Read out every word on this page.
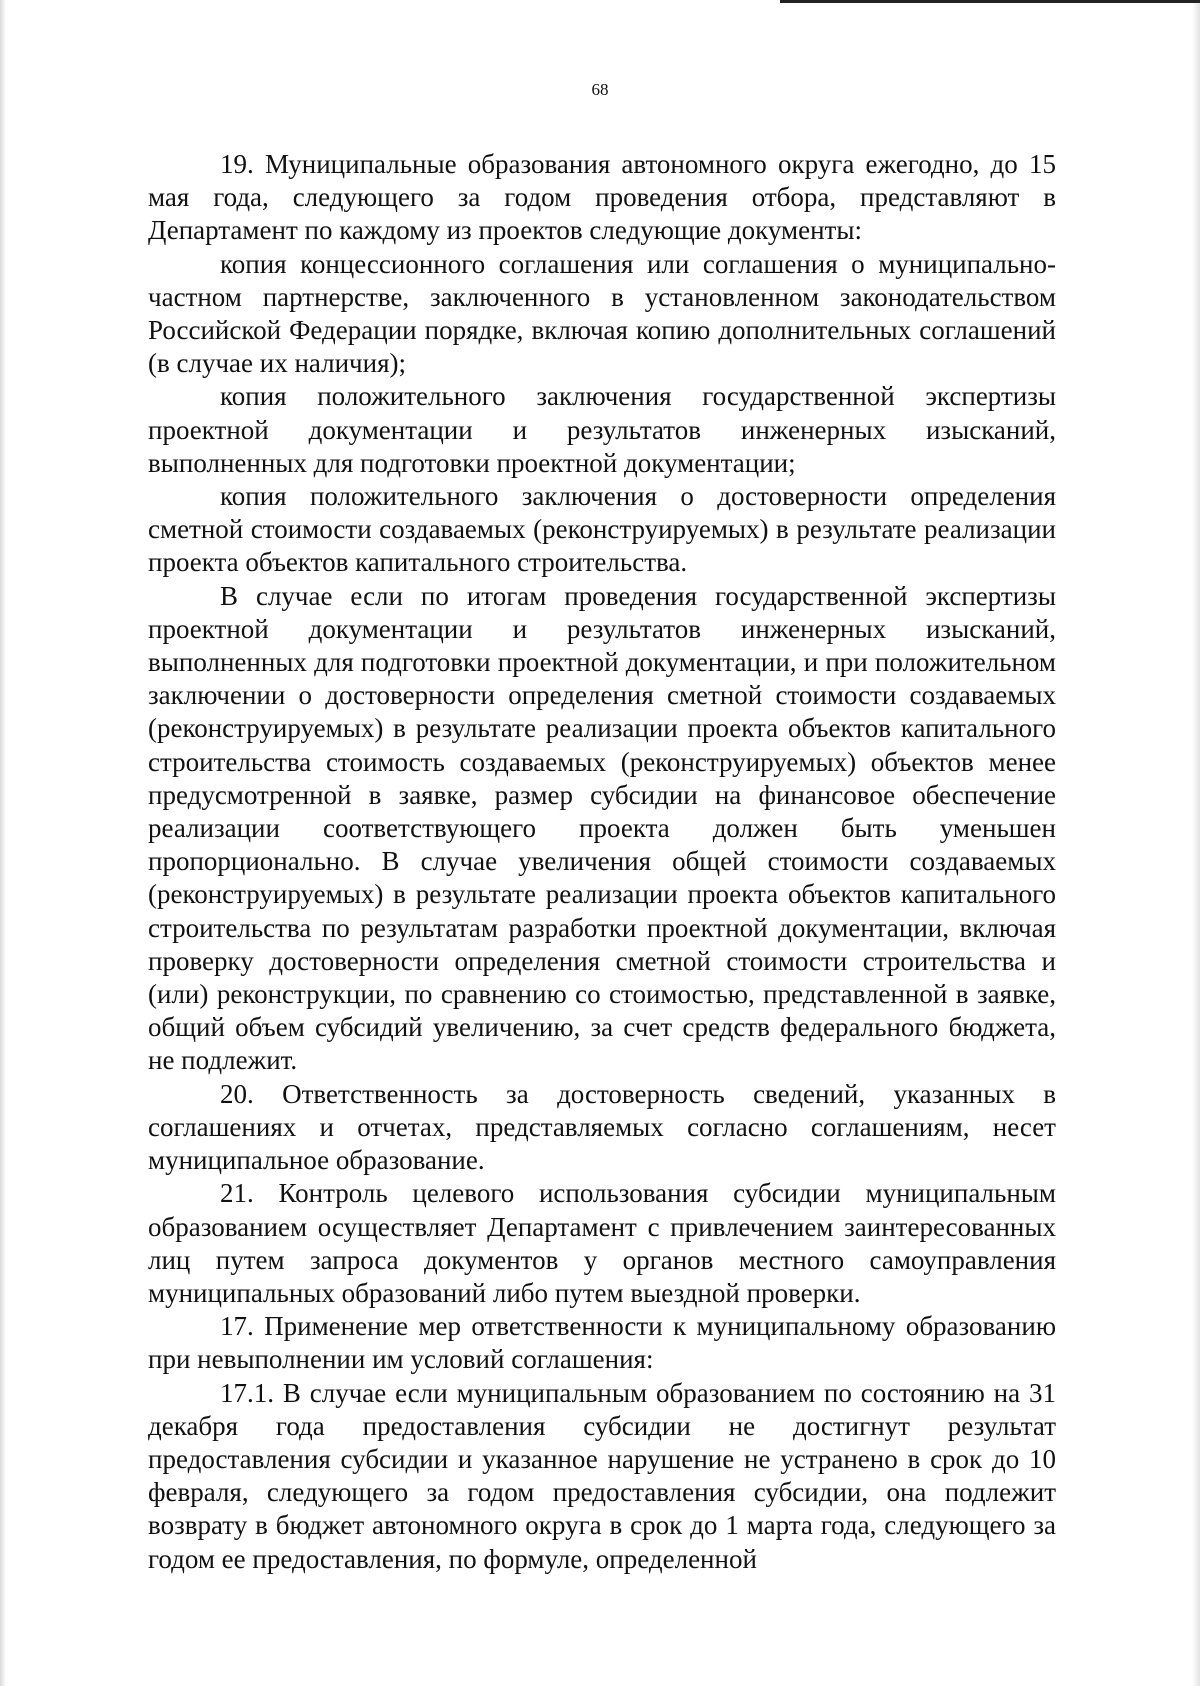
68

19. Муниципальные образования автономного округа ежегодно, до 15 мая года, следующего за годом проведения отбора, представляют в Департамент по каждому из проектов следующие документы:

копия концессионного соглашения или соглашения о муниципально-частном партнерстве, заключенного в установленном законодательством Российской Федерации порядке, включая копию дополнительных соглашений (в случае их наличия);

копия положительного заключения государственной экспертизы проектной документации и результатов инженерных изысканий, выполненных для подготовки проектной документации;

копия положительного заключения о достоверности определения сметной стоимости создаваемых (реконструируемых) в результате реализации проекта объектов капитального строительства.

В случае если по итогам проведения государственной экспертизы проектной документации и результатов инженерных изысканий, выполненных для подготовки проектной документации, и при положительном заключении о достоверности определения сметной стоимости создаваемых (реконструируемых) в результате реализации проекта объектов капитального строительства стоимость создаваемых (реконструируемых) объектов менее предусмотренной в заявке, размер субсидии на финансовое обеспечение реализации соответствующего проекта должен быть уменьшен пропорционально. В случае увеличения общей стоимости создаваемых (реконструируемых) в результате реализации проекта объектов капитального строительства по результатам разработки проектной документации, включая проверку достоверности определения сметной стоимости строительства и (или) реконструкции, по сравнению со стоимостью, представленной в заявке, общий объем субсидий увеличению, за счет средств федерального бюджета, не подлежит.

20. Ответственность за достоверность сведений, указанных в соглашениях и отчетах, представляемых согласно соглашениям, несет муниципальное образование.

21. Контроль целевого использования субсидии муниципальным образованием осуществляет Департамент с привлечением заинтересованных лиц путем запроса документов у органов местного самоуправления муниципальных образований либо путем выездной проверки.

17. Применение мер ответственности к муниципальному образованию при невыполнении им условий соглашения:

17.1. В случае если муниципальным образованием по состоянию на 31 декабря года предоставления субсидии не достигнут результат предоставления субсидии и указанное нарушение не устранено в срок до 10 февраля, следующего за годом предоставления субсидии, она подлежит возврату в бюджет автономного округа в срок до 1 марта года, следующего за годом ее предоставления, по формуле, определенной
